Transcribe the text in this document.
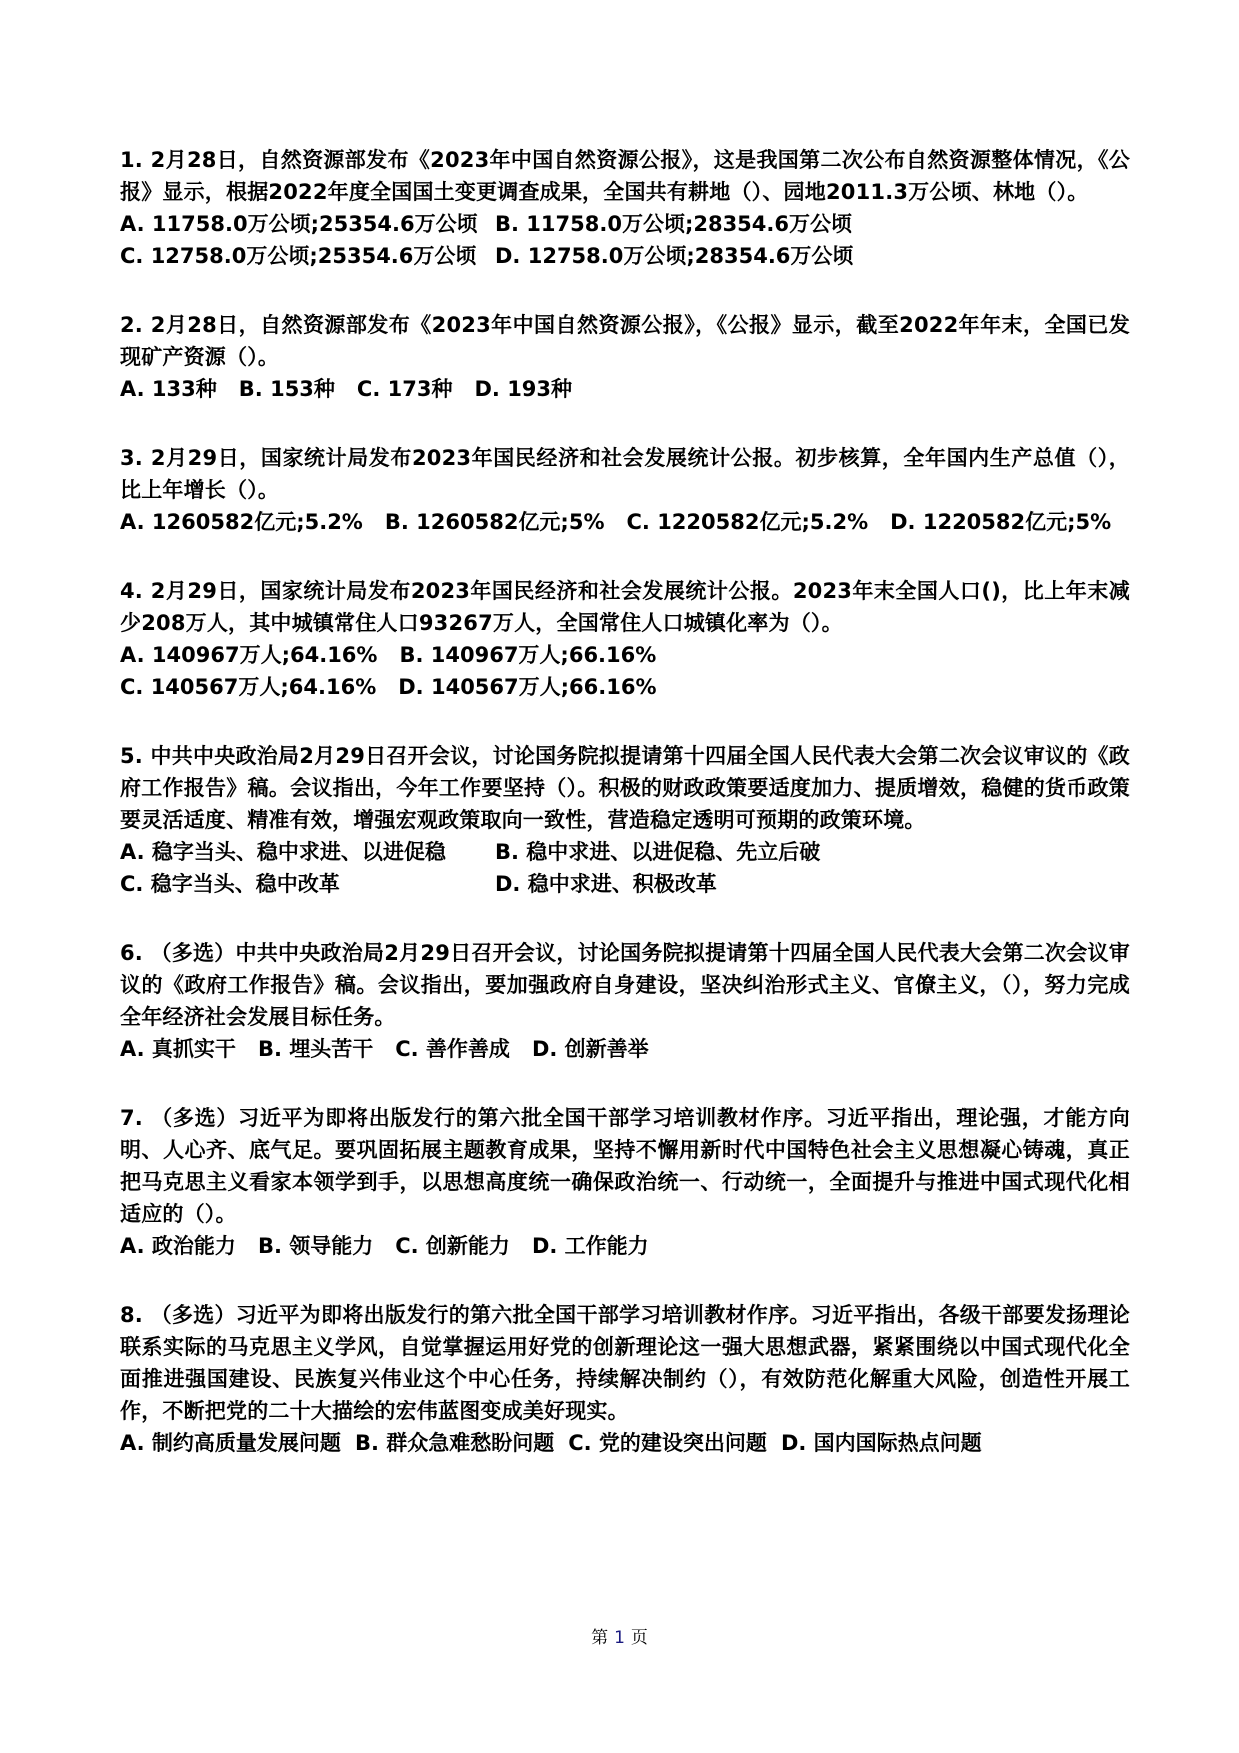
1. 2月28日，自然资源部发布《2023年中国自然资源公报》，这是我国第二次公布自然资源整体情况，《公报》显示，根据2022年度全国国土变更调查成果，全国共有耕地（）、园地2011.3万公顷、林地（）。

A. 11758.0万公顷;25354.6万公顷 B. 11758.0万公顷;28354.6万公顷
C. 12758.0万公顷;25354.6万公顷 D. 12758.0万公顷;28354.6万公顷

2. 2月28日，自然资源部发布《2023年中国自然资源公报》，《公报》显示，截至2022年年末，全国已发现矿产资源（）。

A. 133种 B. 153种 C. 173种 D. 193种

3. 2月29日，国家统计局发布2023年国民经济和社会发展统计公报。初步核算，全年国内生产总值（），比上年增长（）。

A. 1260582亿元;5.2% B. 1260582亿元;5% C. 1220582亿元;5.2% D. 1220582亿元;5%

4. 2月29日，国家统计局发布2023年国民经济和社会发展统计公报。2023年末全国人口()，比上年末减少208万人，其中城镇常住人口93267万人，全国常住人口城镇化率为（）。

A. 140967万人;64.16% B. 140967万人;66.16%
C. 140567万人;64.16% D. 140567万人;66.16%

5. 中共中央政治局2月29日召开会议，讨论国务院拟提请第十四届全国人民代表大会第二次会议审议的《政府工作报告》稿。会议指出，今年工作要坚持（）。积极的财政政策要适度加力、提质增效，稳健的货币政策要灵活适度、精准有效，增强宏观政策取向一致性，营造稳定透明可预期的政策环境。

A. 稳字当头、稳中求进、以进促稳 B. 稳中求进、以进促稳、先立后破
C. 稳字当头、稳中改革	D. 稳中求进、积极改革

6. （多选）中共中央政治局2月29日召开会议，讨论国务院拟提请第十四届全国人民代表大会第二次会议审议的《政府工作报告》稿。会议指出，要加强政府自身建设，坚决纠治形式主义、官僚主义，（），努力完成全年经济社会发展目标任务。

A. 真抓实干 B. 埋头苦干 C. 善作善成 D. 创新善举

7. （多选）习近平为即将出版发行的第六批全国干部学习培训教材作序。习近平指出，理论强，才能方向明、人心齐、底气足。要巩固拓展主题教育成果，坚持不懈用新时代中国特色社会主义思想凝心铸魂，真正把马克思主义看家本领学到手，以思想高度统一确保政治统一、行动统一，全面提升与推进中国式现代化相适应的（）。

A. 政治能力 B. 领导能力 C. 创新能力 D. 工作能力

8. （多选）习近平为即将出版发行的第六批全国干部学习培训教材作序。习近平指出，各级干部要发扬理论联系实际的马克思主义学风，自觉掌握运用好党的创新理论这一强大思想武器，紧紧围绕以中国式现代化全面推进强国建设、民族复兴伟业这个中心任务，持续解决制约（），有效防范化解重大风险，创造性开展工作，不断把党的二十大描绘的宏伟蓝图变成美好现实。

A. 制约高质量发展问题 B. 群众急难愁盼问题 C. 党的建设突出问题 D. 国内国际热点问题
第 1 页
